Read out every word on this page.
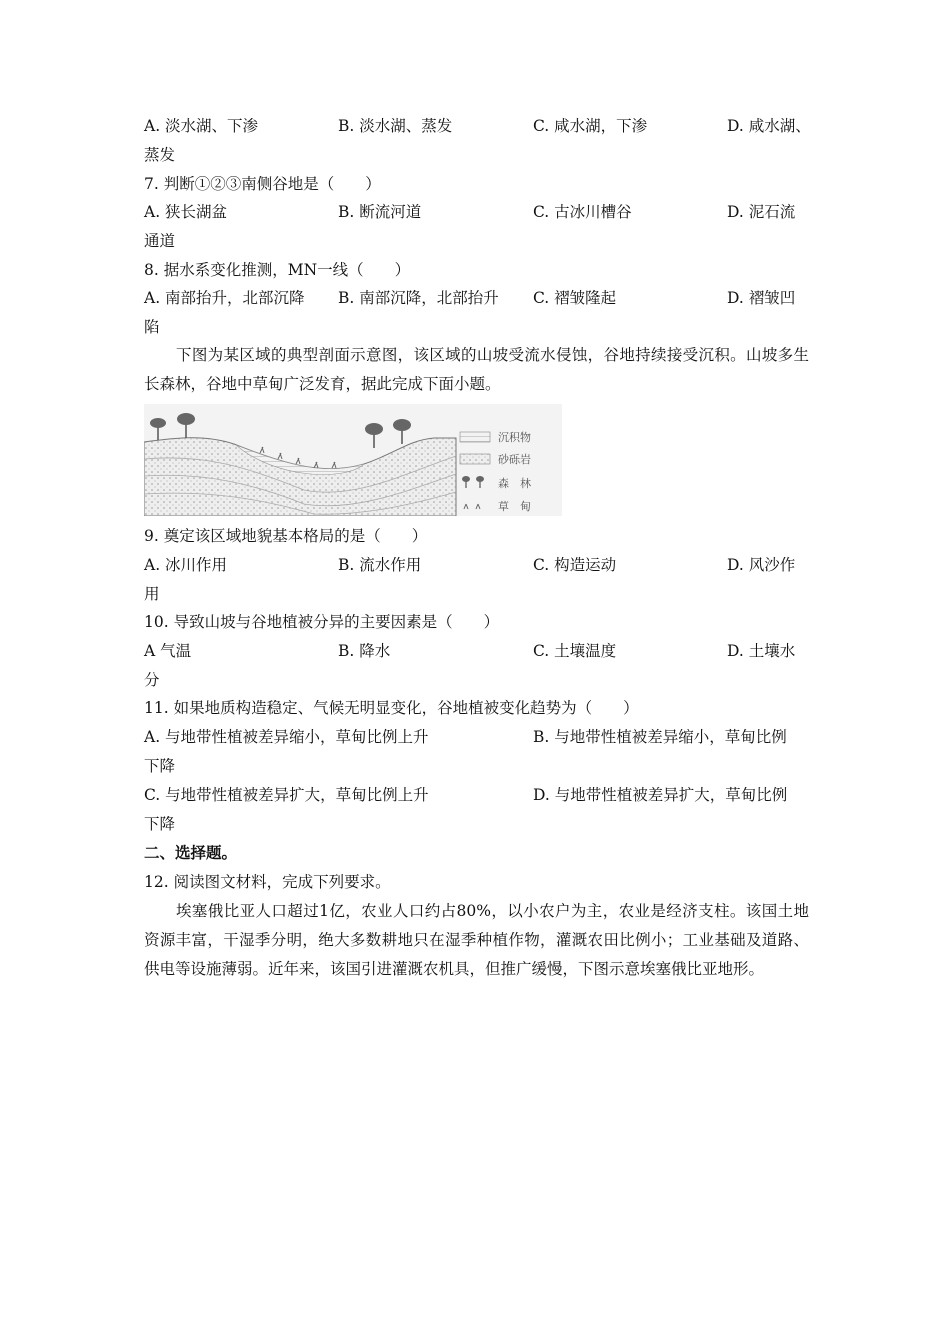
A. 淡水湖、下渗	B. 淡水湖、蒸发	C. 咸水湖，下渗	D. 咸水湖、
蒸发
7. 判断①②③南侧谷地是（　　）
A. 狭长湖盆	B. 断流河道	C. 古冰川槽谷	D. 泥石流
通道
8. 据水系变化推测，MN一线（　　）
A. 南部抬升，北部沉降 B. 南部沉降，北部抬升 C. 褶皱隆起	D. 褶皱凹
陷
下图为某区域的典型剖面示意图，该区域的山坡受流水侵蚀，谷地持续接受沉积。山坡多生长森林，谷地中草甸广泛发育，据此完成下面小题。
沉积物
砂砾岩
森　林
草　甸
9. 奠定该区域地貌基本格局的是（　　）
A. 冰川作用	B. 流水作用	C. 构造运动	D. 风沙作
用
10. 导致山坡与谷地植被分异的主要因素是（　　）
A 气温	B. 降水	C. 土壤温度	D. 土壤水
分
11. 如果地质构造稳定、气候无明显变化，谷地植被变化趋势为（　　）
A. 与地带性植被差异缩小，草甸比例上升	B. 与地带性植被差异缩小，草甸比例
下降
C. 与地带性植被差异扩大，草甸比例上升	D. 与地带性植被差异扩大，草甸比例
下降
二、选择题。
12. 阅读图文材料，完成下列要求。
埃塞俄比亚人口超过1亿，农业人口约占80%，以小农户为主，农业是经济支柱。该国土地资源丰富，干湿季分明，绝大多数耕地只在湿季种植作物，灌溉农田比例小；工业基础及道路、供电等设施薄弱。近年来，该国引进灌溉农机具，但推广缓慢，下图示意埃塞俄比亚地形。
